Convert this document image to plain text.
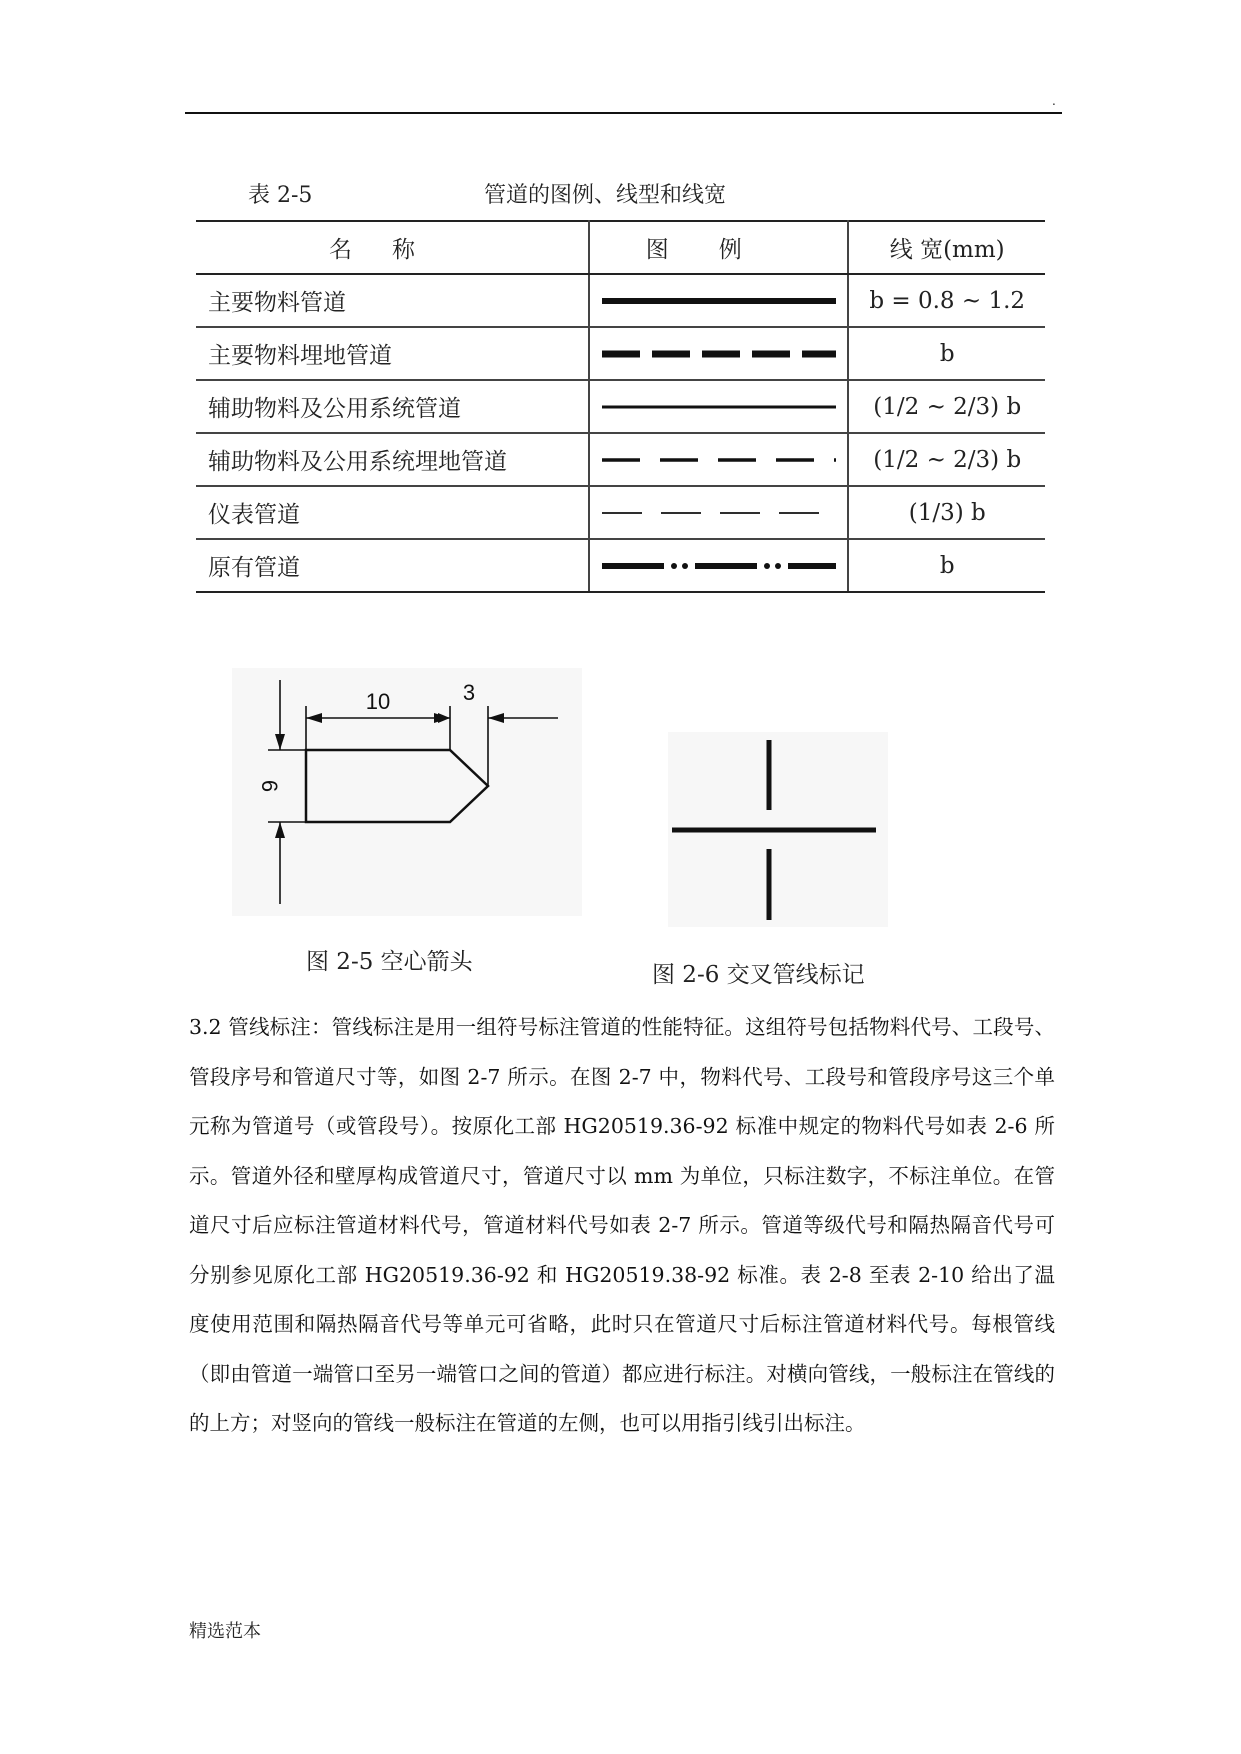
.
表 2-5	管道的图例、线型和线宽
名称	图例	线 宽(mm)
主要物料管道		b = 0.8 ~ 1.2
主要物料埋地管道		b
辅助物料及公用系统管道		(1/2 ~ 2/3) b
辅助物料及公用系统埋地管道		(1/2 ~ 2/3) b
仪表管道		(1/3) b
原有管道		b
10	3
6
图 2-5 空心箭头	图 2-6 交叉管线标记
3.2 管线标注：管线标注是用一组符号标注管道的性能特征。这组符号包括物料代号、工段号、管段序号和管道尺寸等，如图 2-7 所示。在图 2-7 中，物料代号、工段号和管段序号这三个单元称为管道号（或管段号）。按原化工部 HG20519.36-92 标准中规定的物料代号如表 2-6 所示。管道外径和壁厚构成管道尺寸，管道尺寸以 mm 为单位，只标注数字，不标注单位。在管道尺寸后应标注管道材料代号，管道材料代号如表 2-7 所示。管道等级代号和隔热隔音代号可分别参见原化工部 HG20519.36-92 和 HG20519.38-92 标准。表 2-8 至表 2-10 给出了温度使用范围和隔热隔音代号等单元可省略，此时只在管道尺寸后标注管道材料代号。每根管线（即由管道一端管口至另一端管口之间的管道）都应进行标注。对横向管线，一般标注在管线的的上方；对竖向的管线一般标注在管道的左侧，也可以用指引线引出标注。
精选范本
